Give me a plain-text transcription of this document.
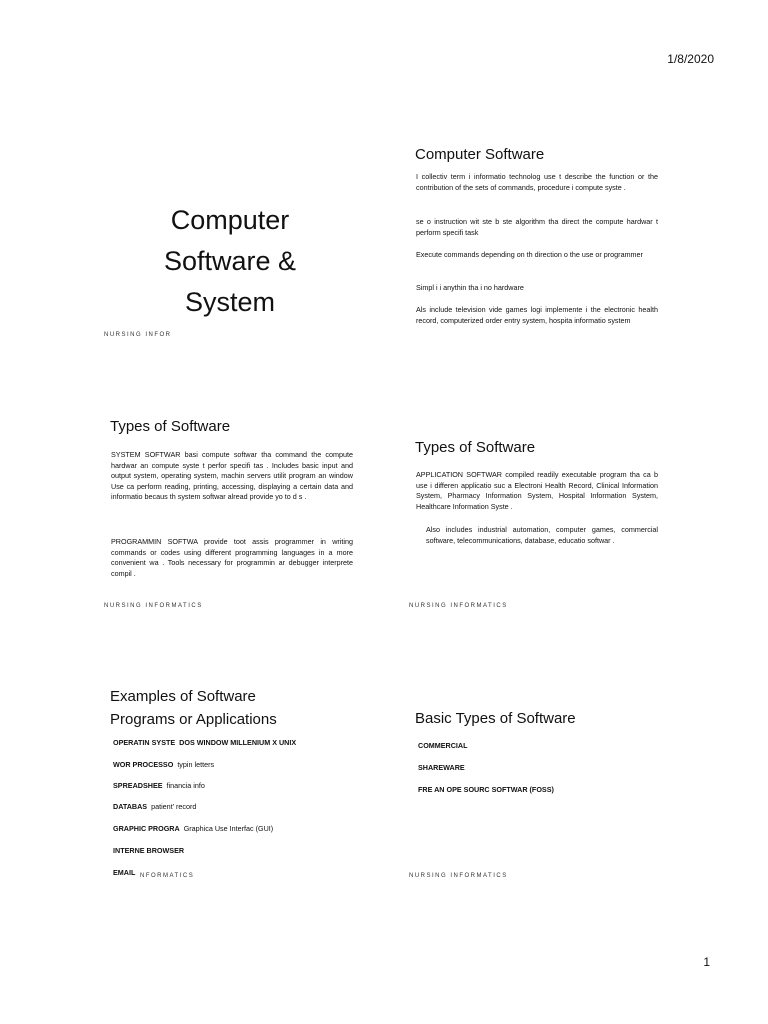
1/8/2020
Computer
Software &
System
NURSING INFOR
Computer Software
I collectiv term i informatio technolog use t describe the function or the contribution of the sets of commands, procedure i compute syste .
se o instruction wit ste b ste algorithm tha direct the compute hardwar t perform specifi task
Execute commands depending on th direction o the use or programmer
Simpl i i anythin tha i no hardware
Als include television vide games logi implemente i the electronic health record, computerized order entry system, hospita informatio system
Types of Software
SYSTEM SOFTWAR basi compute softwar tha command the compute hardwar an compute syste t perfor specifi tas . Includes basic input and output system, operating system, machin servers utilit program an window Use ca perform reading, printing, accessing, displaying a certain data and informatio becaus th system softwar alread provide yo to d s .
PROGRAMMIN SOFTWA provide toot assis programmer in writing commands or codes using different programming languages in a more convenient wa . Tools necessary for programmin ar debugger interprete compil .
NURSING INFORMATICS
Types of Software
APPLICATION SOFTWAR compiled readily executable program tha ca b use i differen applicatio suc a Electroni Health Record, Clinical Information System, Pharmacy Information System, Hospital Information System, Healthcare Information Syste .
Also includes industrial automation, computer games, commercial software, telecommunications, database, educatio softwar .
NURSING INFORMATICS
Examples of Software
Programs or Applications
OPERATIN SYSTE DOS WINDOW MILLENIUM X UNIX
WOR PROCESSO typin letters
SPREADSHEE financia info
DATABAS patient' record
GRAPHIC PROGRA Graphica Use Interfac (GUI)
INTERNE BROWSER
EMAIL NFORMATICS
Basic Types of Software
COMMERCIAL
SHAREWARE
FRE AN OPE SOURC SOFTWAR (FOSS)
NURSING INFORMATICS
1
